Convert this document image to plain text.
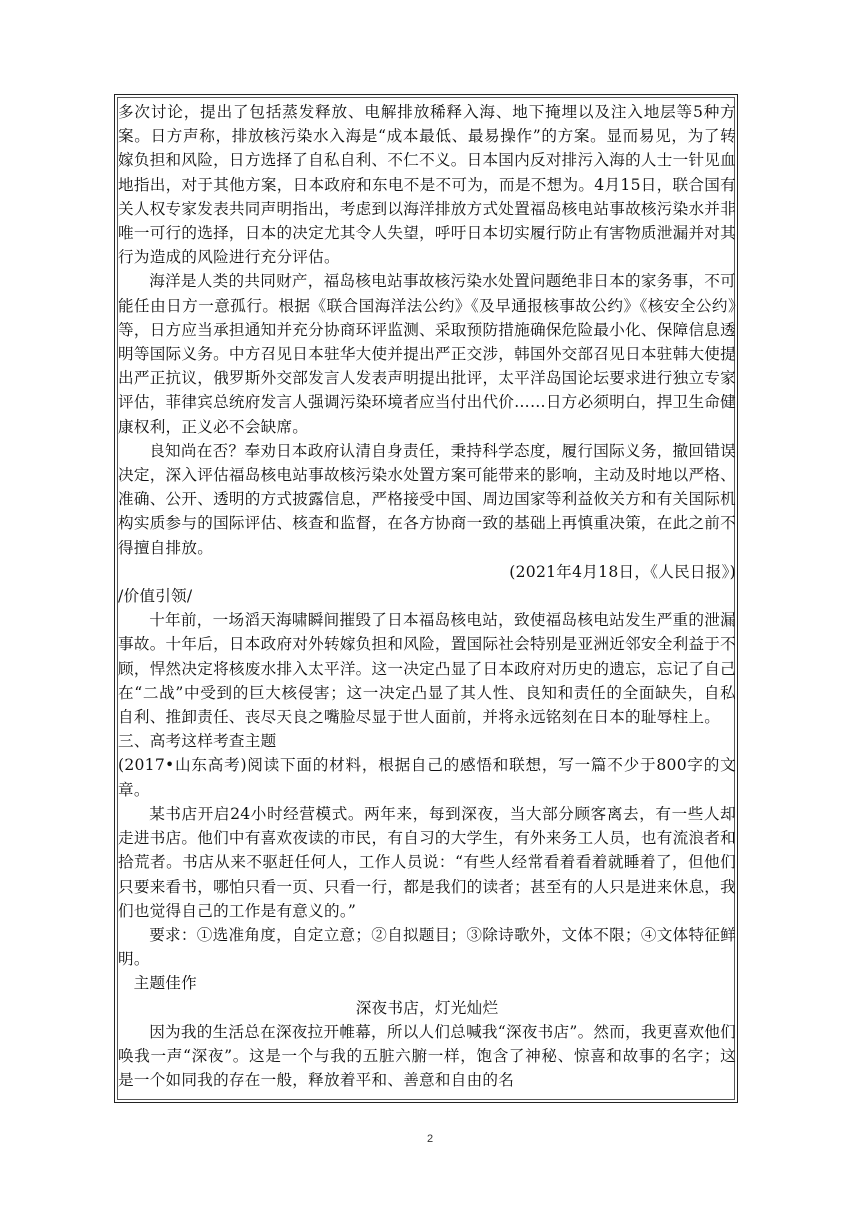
多次讨论，提出了包括蒸发释放、电解排放稀释入海、地下掩埋以及注入地层等5种方案。日方声称，排放核污染水入海是“成本最低、最易操作”的方案。显而易见，为了转嫁负担和风险，日方选择了自私自利、不仁不义。日本国内反对排污入海的人士一针见血地指出，对于其他方案，日本政府和东电不是不可为，而是不想为。4月15日，联合国有关人权专家发表共同声明指出，考虑到以海洋排放方式处置福岛核电站事故核污染水并非唯一可行的选择，日本的决定尤其令人失望，呼吁日本切实履行防止有害物质泄漏并对其行为造成的风险进行充分评估。

海洋是人类的共同财产，福岛核电站事故核污染水处置问题绝非日本的家务事，不可能任由日方一意孤行。根据《联合国海洋法公约》《及早通报核事故公约》《核安全公约》等，日方应当承担通知并充分协商环评监测、采取预防措施确保危险最小化、保障信息透明等国际义务。中方召见日本驻华大使并提出严正交涉，韩国外交部召见日本驻韩大使提出严正抗议，俄罗斯外交部发言人发表声明提出批评，太平洋岛国论坛要求进行独立专家评估，菲律宾总统府发言人强调污染环境者应当付出代价……日方必须明白，捍卫生命健康权利，正义必不会缺席。

良知尚在否？奉劝日本政府认清自身责任，秉持科学态度，履行国际义务，撤回错误决定，深入评估福岛核电站事故核污染水处置方案可能带来的影响，主动及时地以严格、准确、公开、透明的方式披露信息，严格接受中国、周边国家等利益攸关方和有关国际机构实质参与的国际评估、核查和监督，在各方协商一致的基础上再慎重决策，在此之前不得擅自排放。

(2021年4月18日，《人民日报》)

/价值引领/

十年前，一场滔天海啸瞬间摧毁了日本福岛核电站，致使福岛核电站发生严重的泄漏事故。十年后，日本政府对外转嫁负担和风险，置国际社会特别是亚洲近邻安全利益于不顾，悍然决定将核废水排入太平洋。这一决定凸显了日本政府对历史的遗忘，忘记了自己在“二战”中受到的巨大核侵害；这一决定凸显了其人性、良知和责任的全面缺失，自私自利、推卸责任、丧尽天良之嘴脸尽显于世人面前，并将永远铭刻在日本的耻辱柱上。

三、高考这样考查主题

(2017•山东高考)阅读下面的材料，根据自己的感悟和联想，写一篇不少于800字的文章。

某书店开启24小时经营模式。两年来，每到深夜，当大部分顾客离去，有一些人却走进书店。他们中有喜欢夜读的市民，有自习的大学生，有外来务工人员，也有流浪者和拾荒者。书店从来不驱赶任何人，工作人员说：“有些人经常看着看着就睡着了，但他们只要来看书，哪怕只看一页、只看一行，都是我们的读者；甚至有的人只是进来休息，我们也觉得自己的工作是有意义的。”

要求：①选准角度，自定立意；②自拟题目；③除诗歌外，文体不限；④文体特征鲜明。

主题佳作

深夜书店，灯光灿烂

因为我的生活总在深夜拉开帷幕，所以人们总喊我“深夜书店”。然而，我更喜欢他们唤我一声“深夜”。这是一个与我的五脏六腑一样，饱含了神秘、惊喜和故事的名字；这是一个如同我的存在一般，释放着平和、善意和自由的名

2
